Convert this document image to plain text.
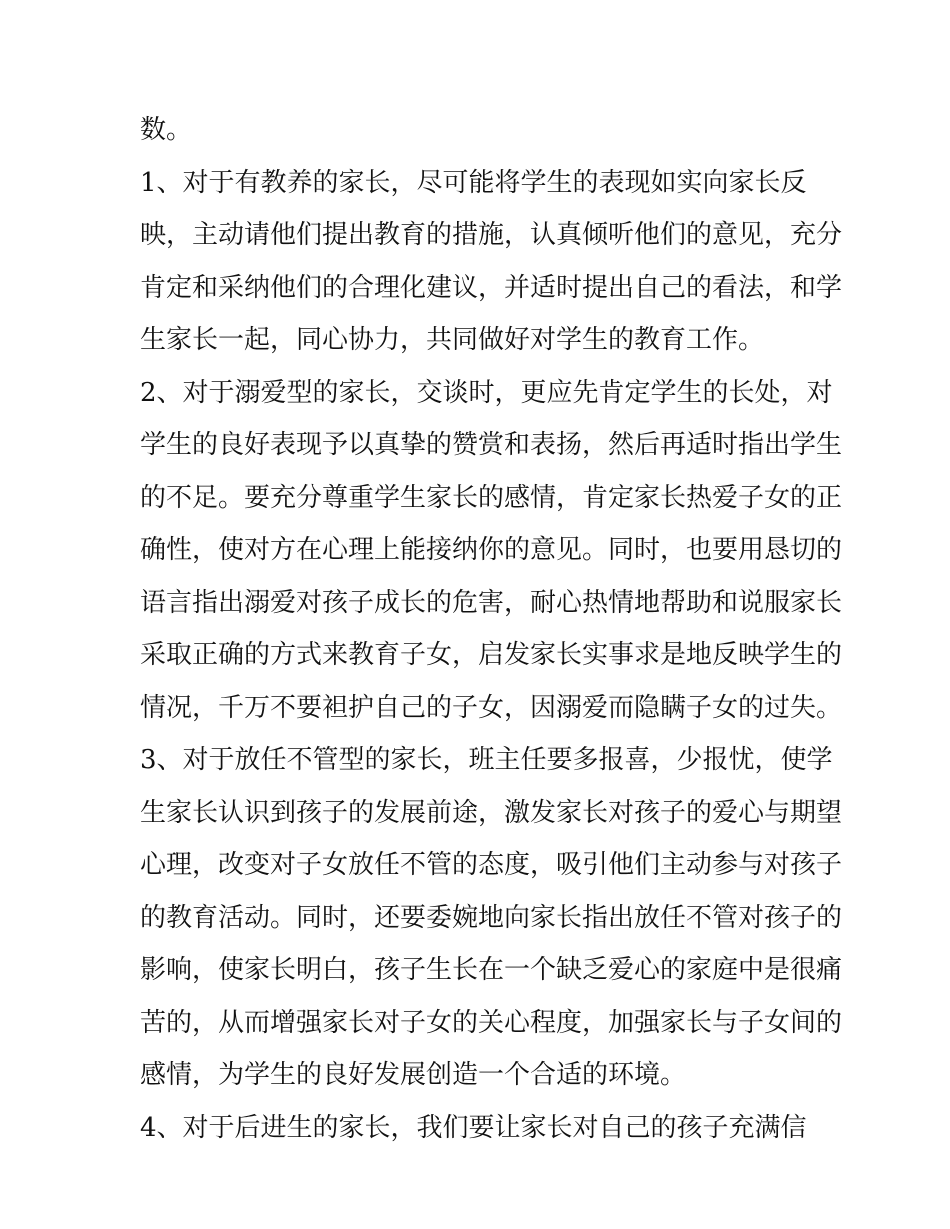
数。
1、对于有教养的家长，尽可能将学生的表现如实向家长反
映，主动请他们提出教育的措施，认真倾听他们的意见，充分
肯定和采纳他们的合理化建议，并适时提出自己的看法，和学
生家长一起，同心协力，共同做好对学生的教育工作。
2、对于溺爱型的家长，交谈时，更应先肯定学生的长处，对
学生的良好表现予以真挚的赞赏和表扬，然后再适时指出学生
的不足。要充分尊重学生家长的感情，肯定家长热爱子女的正
确性，使对方在心理上能接纳你的意见。同时，也要用恳切的
语言指出溺爱对孩子成长的危害，耐心热情地帮助和说服家长
采取正确的方式来教育子女，启发家长实事求是地反映学生的
情况，千万不要袒护自己的子女，因溺爱而隐瞒子女的过失。
3、对于放任不管型的家长，班主任要多报喜，少报忧，使学
生家长认识到孩子的发展前途，激发家长对孩子的爱心与期望
心理，改变对子女放任不管的态度，吸引他们主动参与对孩子
的教育活动。同时，还要委婉地向家长指出放任不管对孩子的
影响，使家长明白，孩子生长在一个缺乏爱心的家庭中是很痛
苦的，从而增强家长对子女的关心程度，加强家长与子女间的
感情，为学生的良好发展创造一个合适的环境。
4、对于后进生的家长，我们要让家长对自己的孩子充满信
